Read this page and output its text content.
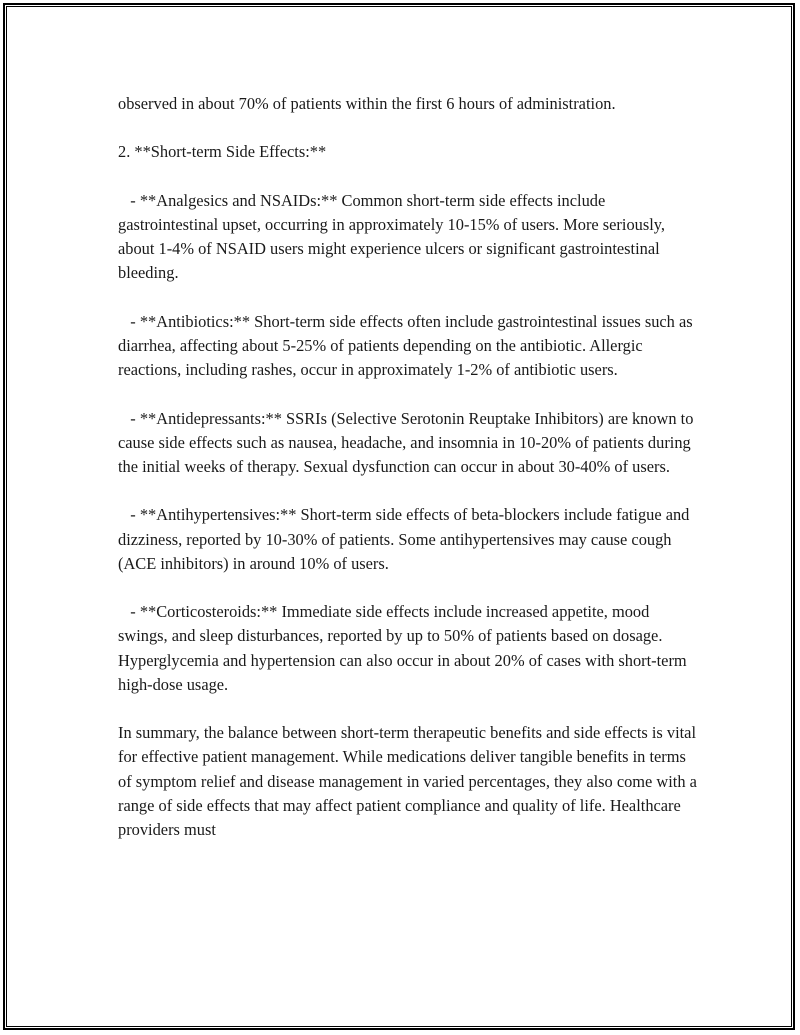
observed in about 70% of patients within the first 6 hours of administration.

2. **Short-term Side Effects:**

- **Analgesics and NSAIDs:** Common short-term side effects include gastrointestinal upset, occurring in approximately 10-15% of users. More seriously, about 1-4% of NSAID users might experience ulcers or significant gastrointestinal bleeding.

- **Antibiotics:** Short-term side effects often include gastrointestinal issues such as diarrhea, affecting about 5-25% of patients depending on the antibiotic. Allergic reactions, including rashes, occur in approximately 1-2% of antibiotic users.

- **Antidepressants:** SSRIs (Selective Serotonin Reuptake Inhibitors) are known to cause side effects such as nausea, headache, and insomnia in 10-20% of patients during the initial weeks of therapy. Sexual dysfunction can occur in about 30-40% of users.

- **Antihypertensives:** Short-term side effects of beta-blockers include fatigue and dizziness, reported by 10-30% of patients. Some antihypertensives may cause cough (ACE inhibitors) in around 10% of users.

- **Corticosteroids:** Immediate side effects include increased appetite, mood swings, and sleep disturbances, reported by up to 50% of patients based on dosage. Hyperglycemia and hypertension can also occur in about 20% of cases with short-term high-dose usage.

In summary, the balance between short-term therapeutic benefits and side effects is vital for effective patient management. While medications deliver tangible benefits in terms of symptom relief and disease management in varied percentages, they also come with a range of side effects that may affect patient compliance and quality of life. Healthcare providers must
